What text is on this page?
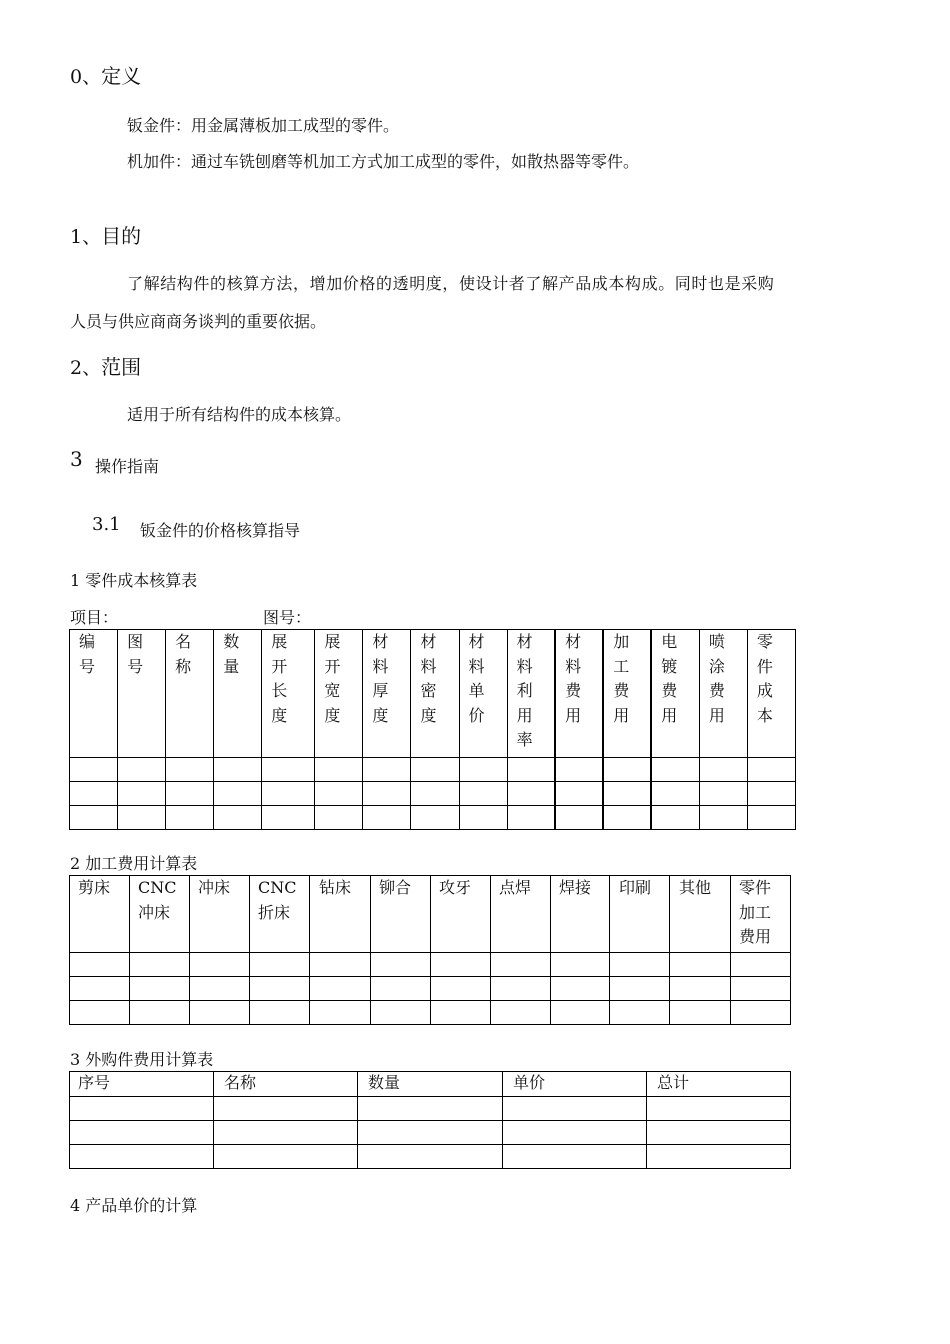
0、定义
钣金件：用金属薄板加工成型的零件。
机加件：通过车铣刨磨等机加工方式加工成型的零件，如散热器等零件。
1、目的
了解结构件的核算方法，增加价格的透明度，使设计者了解产品成本构成。同时也是采购
人员与供应商商务谈判的重要依据。
2、范围
适用于所有结构件的成本核算。
3 操作指南
3.1 钣金件的价格核算指导
1 零件成本核算表
项目：	图号：
编号	图号	名称	数量	展开长度	展开宽度	材料厚度	材料密度	材料单价	材料利用率	材料费用	加工费用	电镀费用	喷涂费用	零件成本

2 加工费用计算表
剪床	CNC 冲床	冲床	CNC 折床	钻床	铆合	攻牙	点焊	焊接	印刷	其他	零件加工费用

3 外购件费用计算表
序号	名称	数量	单价	总计

4 产品单价的计算
